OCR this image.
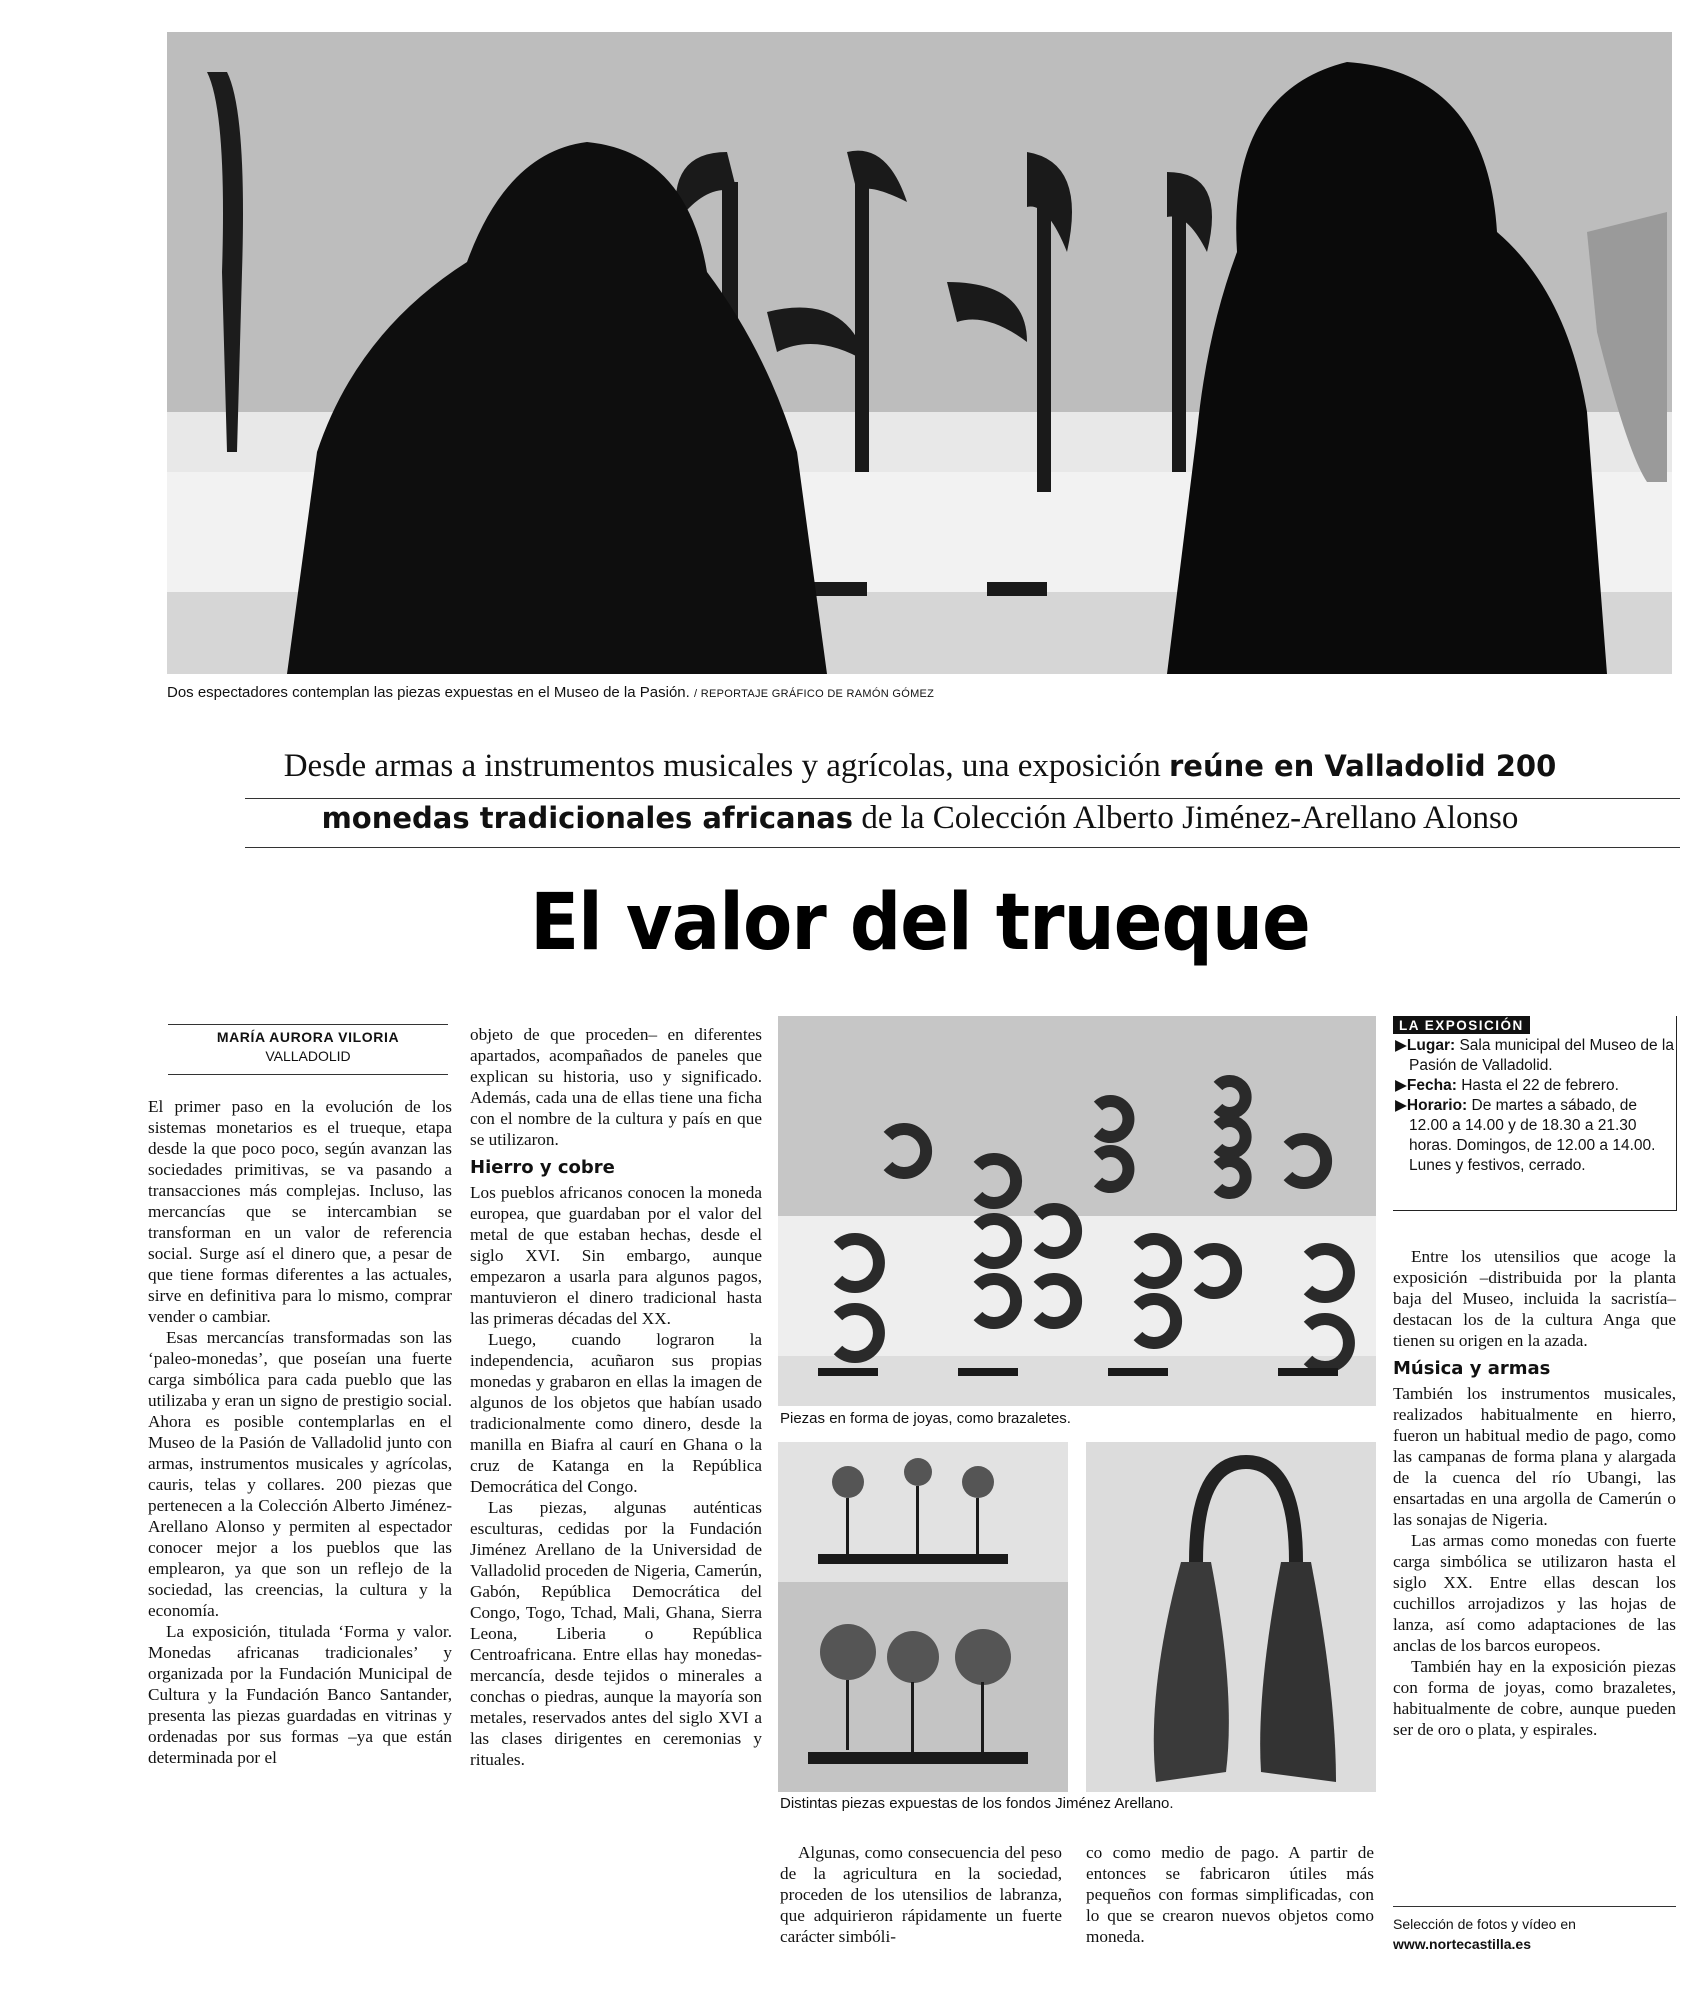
Dos espectadores contemplan las piezas expuestas en el Museo de la Pasión. / REPORTAJE GRÁFICO DE RAMÓN GÓMEZ
Desde armas a instrumentos musicales y agrícolas, una exposición reúne en Valladolid 200
monedas tradicionales africanas de la Colección Alberto Jiménez-Arellano Alonso
El valor del trueque
MARÍA AURORA VILORIA
VALLADOLID

El primer paso en la evolución de los sistemas monetarios es el trueque, etapa desde la que poco poco, según avanzan las sociedades primitivas, se va pasando a transacciones más complejas. Incluso, las mercancías que se intercambian se transforman en un valor de referencia social. Surge así el dinero que, a pesar de que tiene formas diferentes a las actuales, sirve en definitiva para lo mismo, comprar vender o cambiar.

Esas mercancías transformadas son las ‘paleo-monedas’, que poseían una fuerte carga simbólica para cada pueblo que las utilizaba y eran un signo de prestigio social. Ahora es posible contemplarlas en el Museo de la Pasión de Valladolid junto con armas, instrumentos musicales y agrícolas, cauris, telas y collares. 200 piezas que pertenecen a la Colección Alberto Jiménez-Arellano Alonso y permiten al espectador conocer mejor a los pueblos que las emplearon, ya que son un reflejo de la sociedad, las creencias, la cultura y la economía.

La exposición, titulada ‘Forma y valor. Monedas africanas tradicionales’ y organizada por la Fundación Municipal de Cultura y la Fundación Banco Santander, presenta las piezas guardadas en vitrinas y ordenadas por sus formas –ya que están determinada por el

objeto de que proceden– en diferentes apartados, acompañados de paneles que explican su historia, uso y significado. Además, cada una de ellas tiene una ficha con el nombre de la cultura y país en que se utilizaron.

Hierro y cobre

Los pueblos africanos conocen la moneda europea, que guardaban por el valor del metal de que estaban hechas, desde el siglo XVI. Sin embargo, aunque empezaron a usarla para algunos pagos, mantuvieron el dinero tradicional hasta las primeras décadas del XX.

Luego, cuando lograron la independencia, acuñaron sus propias monedas y grabaron en ellas la imagen de algunos de los objetos que habían usado tradicionalmente como dinero, desde la manilla en Biafra al caurí en Ghana o la cruz de Katanga en la República Democrática del Congo.

Las piezas, algunas auténticas esculturas, cedidas por la Fundación Jiménez Arellano de la Universidad de Valladolid proceden de Nigeria, Camerún, Gabón, República Democrática del Congo, Togo, Tchad, Mali, Ghana, Sierra Leona, Liberia o República Centroafricana. Entre ellas hay monedas-mercancía, desde tejidos o minerales a conchas o piedras, aunque la mayoría son metales, reservados antes del siglo XVI a las clases dirigentes en ceremonias y rituales.

Piezas en forma de joyas, como brazaletes.
Distintas piezas expuestas de los fondos Jiménez Arellano.

Algunas, como consecuencia del peso de la agricultura en la sociedad, proceden de los utensilios de labranza, que adquirieron rápidamente un fuerte carácter simbóli-

co como medio de pago. A partir de entonces se fabricaron útiles más pequeños con formas simplificadas, con lo que se crearon nuevos objetos como moneda.

LA EXPOSICIÓN
▶Lugar: Sala municipal del Museo de la Pasión de Valladolid.
▶Fecha: Hasta el 22 de febrero.
▶Horario: De martes a sábado, de 12.00 a 14.00 y de 18.30 a 21.30 horas. Domingos, de 12.00 a 14.00. Lunes y festivos, cerrado.

Entre los utensilios que acoge la exposición –distribuida por la planta baja del Museo, incluida la sacristía– destacan los de la cultura Anga que tienen su origen en la azada.

Música y armas

También los instrumentos musicales, realizados habitualmente en hierro, fueron un habitual medio de pago, como las campanas de forma plana y alargada de la cuenca del río Ubangi, las ensartadas en una argolla de Camerún o las sonajas de Nigeria.

Las armas como monedas con fuerte carga simbólica se utilizaron hasta el siglo XX. Entre ellas descan los cuchillos arrojadizos y las hojas de lanza, así como adaptaciones de las anclas de los barcos europeos.

También hay en la exposición piezas con forma de joyas, como brazaletes, habitualmente de cobre, aunque pueden ser de oro o plata, y espirales.

Selección de fotos y vídeo en
www.nortecastilla.es
